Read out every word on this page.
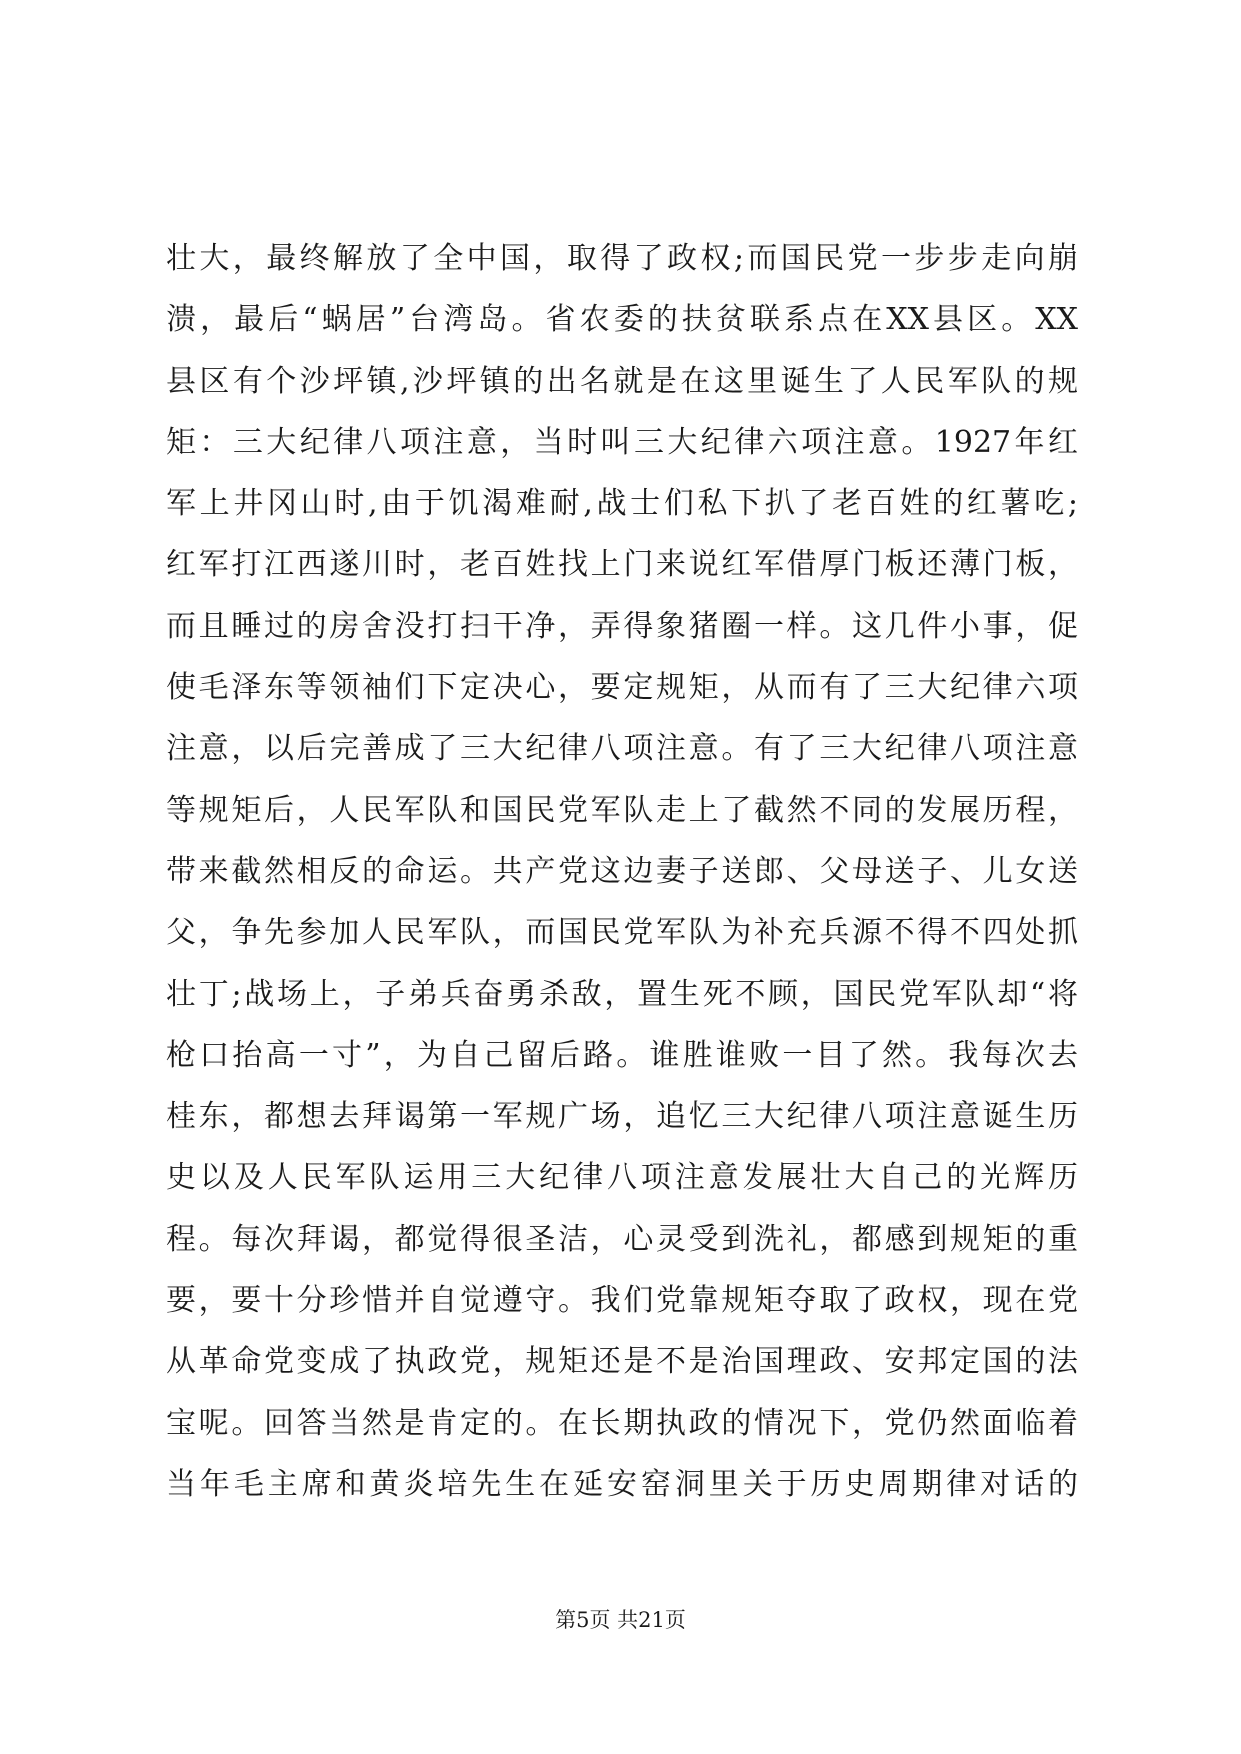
壮大，最终解放了全中国，取得了政权;而国民党一步步走向崩
溃，最后“蜗居”台湾岛。省农委的扶贫联系点在XX县区。XX
县区有个沙坪镇,沙坪镇的出名就是在这里诞生了人民军队的规
矩：三大纪律八项注意，当时叫三大纪律六项注意。1927年红
军上井冈山时,由于饥渴难耐,战士们私下扒了老百姓的红薯吃;
红军打江西遂川时，老百姓找上门来说红军借厚门板还薄门板，
而且睡过的房舍没打扫干净，弄得象猪圈一样。这几件小事，促
使毛泽东等领袖们下定决心，要定规矩，从而有了三大纪律六项
注意，以后完善成了三大纪律八项注意。有了三大纪律八项注意
等规矩后，人民军队和国民党军队走上了截然不同的发展历程，
带来截然相反的命运。共产党这边妻子送郎、父母送子、儿女送
父，争先参加人民军队，而国民党军队为补充兵源不得不四处抓
壮丁;战场上，子弟兵奋勇杀敌，置生死不顾，国民党军队却“将
枪口抬高一寸”，为自己留后路。谁胜谁败一目了然。我每次去
桂东，都想去拜谒第一军规广场，追忆三大纪律八项注意诞生历
史以及人民军队运用三大纪律八项注意发展壮大自己的光辉历
程。每次拜谒，都觉得很圣洁，心灵受到洗礼，都感到规矩的重
要，要十分珍惜并自觉遵守。我们党靠规矩夺取了政权，现在党
从革命党变成了执政党，规矩还是不是治国理政、安邦定国的法
宝呢。回答当然是肯定的。在长期执政的情况下，党仍然面临着
当年毛主席和黄炎培先生在延安窑洞里关于历史周期律对话的
第5页 共21页
